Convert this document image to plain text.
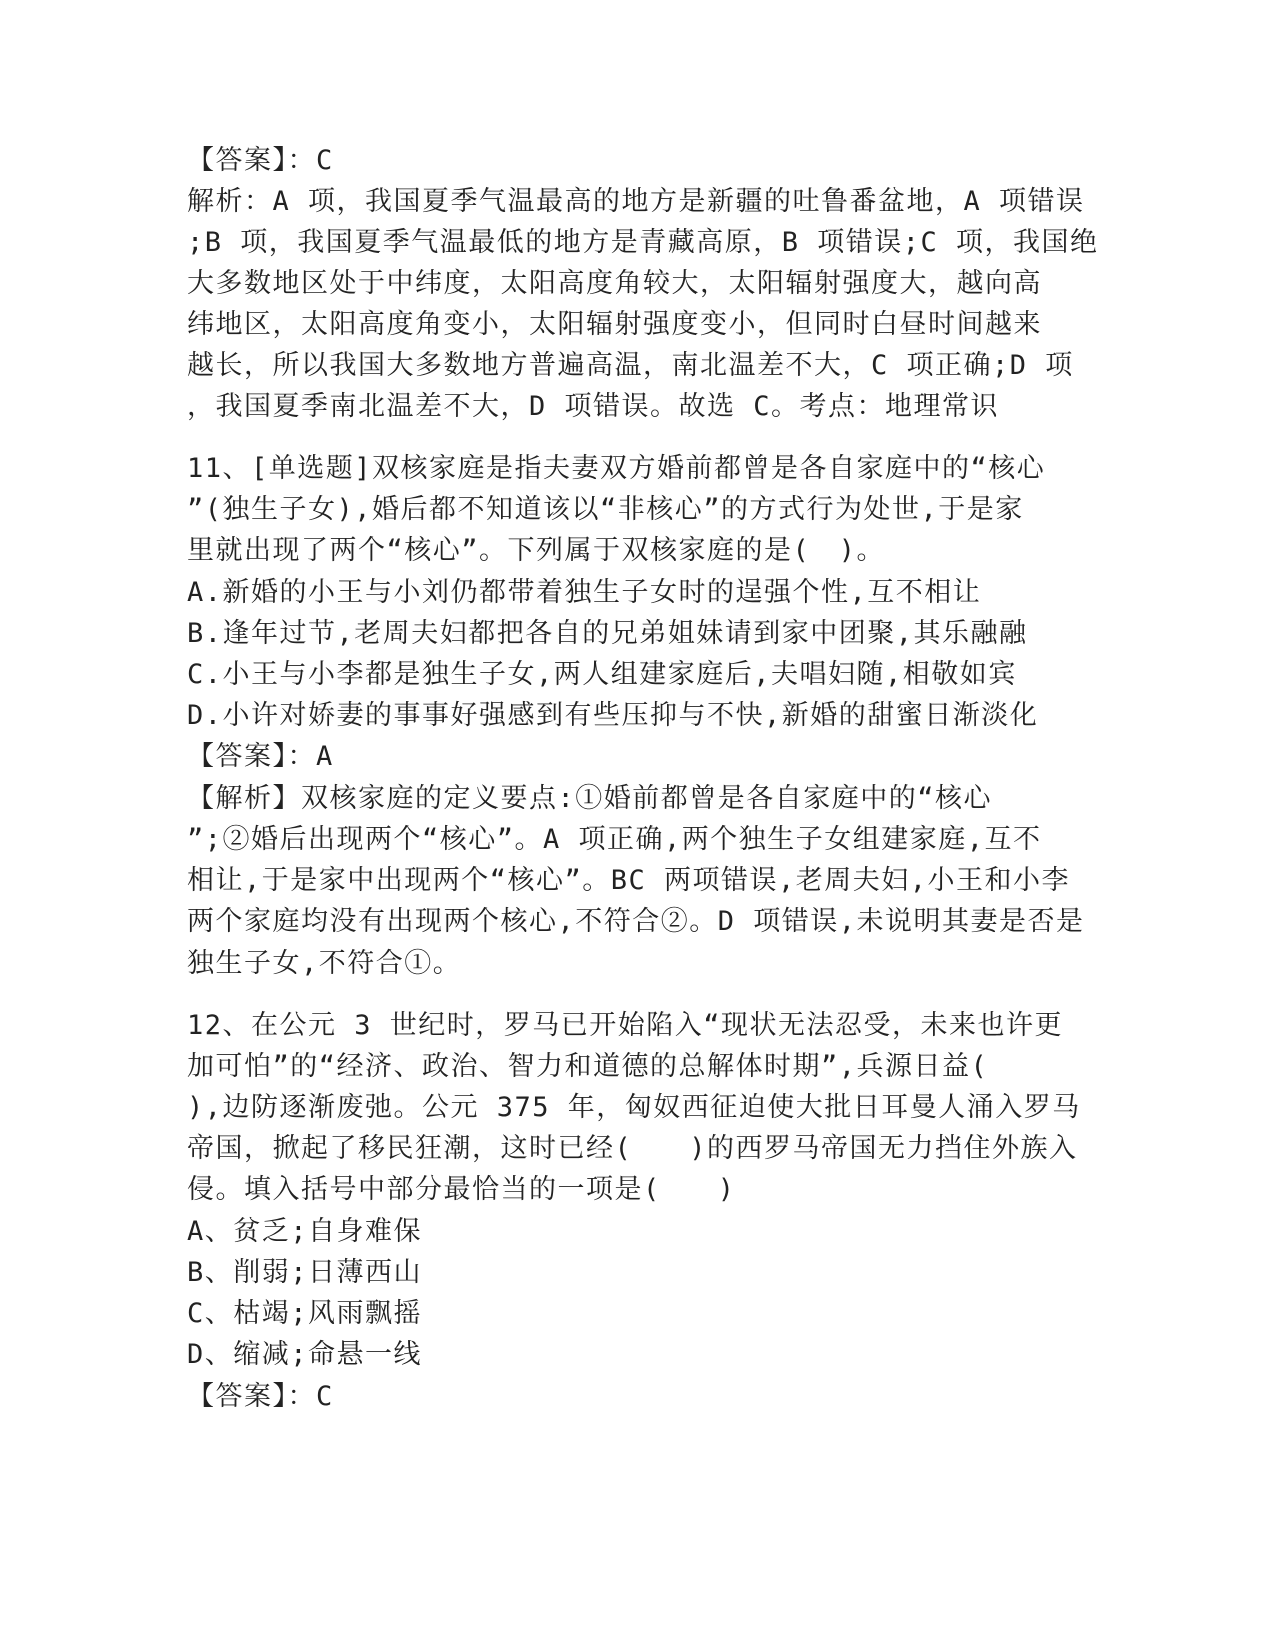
【答案】：C
解析：A 项，我国夏季气温最高的地方是新疆的吐鲁番盆地，A 项错误
;B 项，我国夏季气温最低的地方是青藏高原，B 项错误;C 项，我国绝
大多数地区处于中纬度，太阳高度角较大，太阳辐射强度大，越向高
纬地区，太阳高度角变小，太阳辐射强度变小，但同时白昼时间越来
越长，所以我国大多数地方普遍高温，南北温差不大，C 项正确;D 项
，我国夏季南北温差不大，D 项错误。故选 C。考点：地理常识
11、[单选题]双核家庭是指夫妻双方婚前都曾是各自家庭中的“核心
”(独生子女),婚后都不知道该以“非核心”的方式行为处世,于是家
里就出现了两个“核心”。下列属于双核家庭的是(　)。
A.新婚的小王与小刘仍都带着独生子女时的逞强个性,互不相让
B.逢年过节,老周夫妇都把各自的兄弟姐妹请到家中团聚,其乐融融
C.小王与小李都是独生子女,两人组建家庭后,夫唱妇随,相敬如宾
D.小许对娇妻的事事好强感到有些压抑与不快,新婚的甜蜜日渐淡化
【答案】：A
【解析】双核家庭的定义要点:①婚前都曾是各自家庭中的“核心
”;②婚后出现两个“核心”。A 项正确,两个独生子女组建家庭,互不
相让,于是家中出现两个“核心”。BC 两项错误,老周夫妇,小王和小李
两个家庭均没有出现两个核心,不符合②。D 项错误,未说明其妻是否是
独生子女,不符合①。
12、在公元 3 世纪时，罗马已开始陷入“现状无法忍受，未来也许更
加可怕”的“经济、政治、智力和道德的总解体时期”,兵源日益(
),边防逐渐废弛。公元 375 年，匈奴西征迫使大批日耳曼人涌入罗马
帝国，掀起了移民狂潮，这时已经(　　)的西罗马帝国无力挡住外族入
侵。填入括号中部分最恰当的一项是(　　)
A、贫乏;自身难保
B、削弱;日薄西山
C、枯竭;风雨飘摇
D、缩减;命悬一线
【答案】：C
